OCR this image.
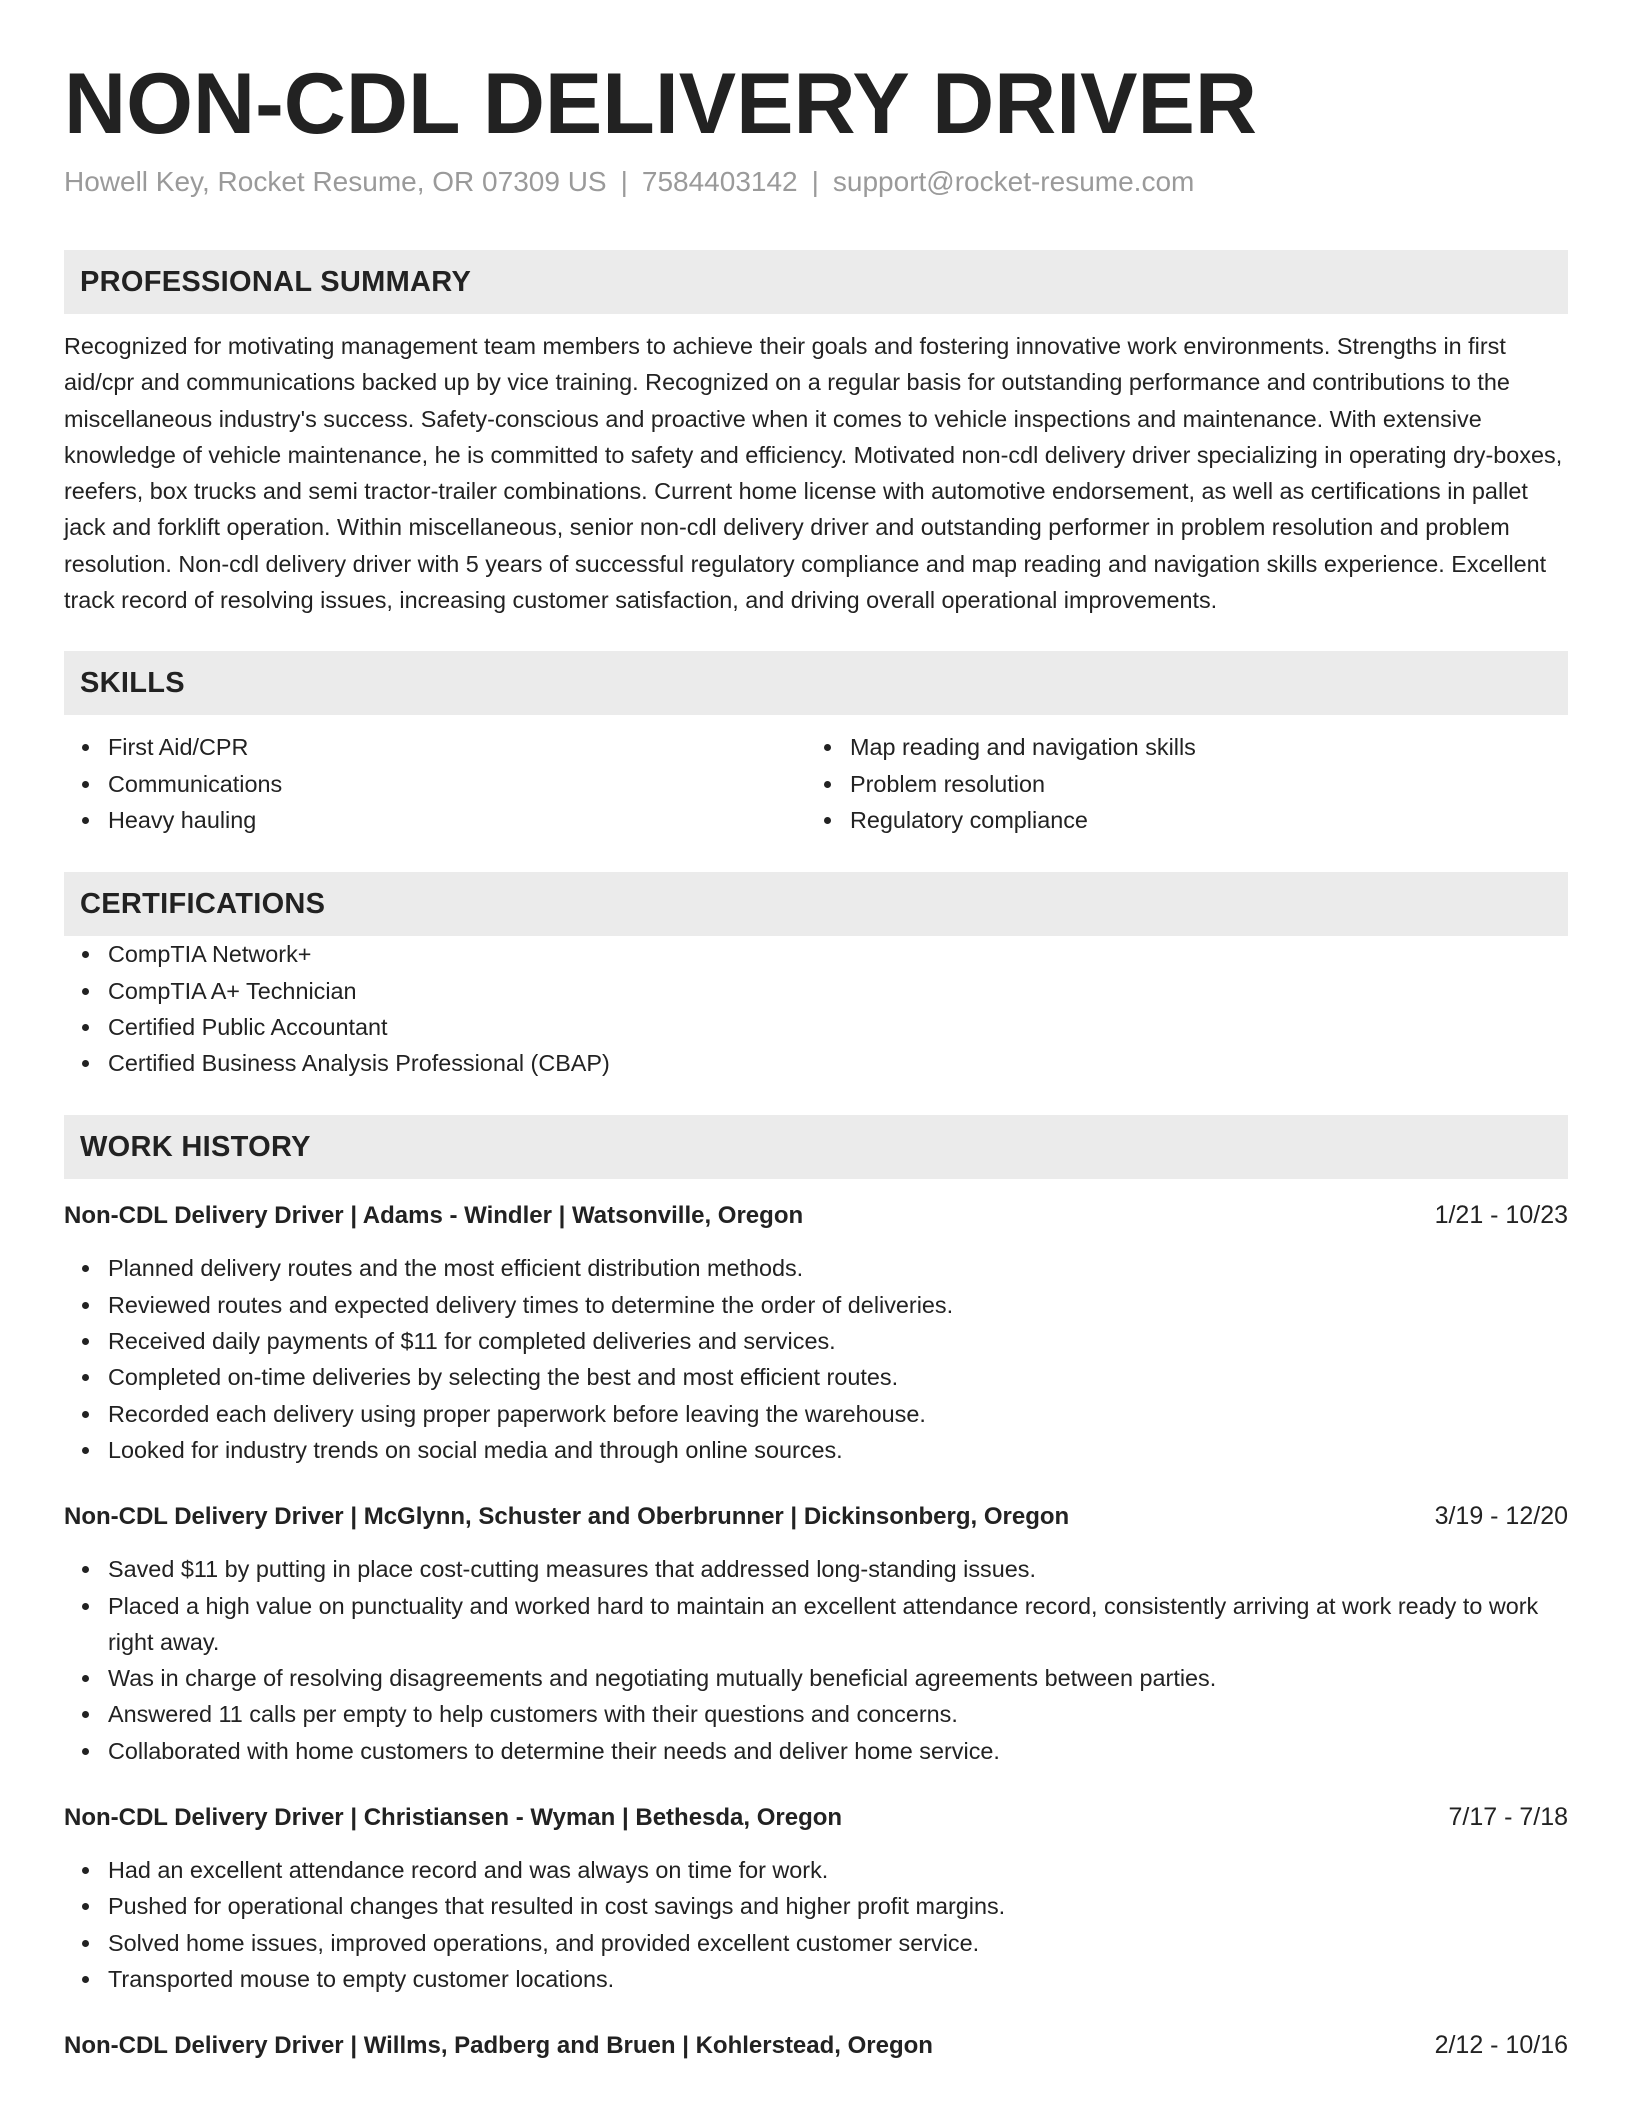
NON-CDL DELIVERY DRIVER
Howell Key, Rocket Resume, OR 07309 US | 7584403142 | support@rocket-resume.com
PROFESSIONAL SUMMARY

Recognized for motivating management team members to achieve their goals and fostering innovative work environments. Strengths in first aid/cpr and communications backed up by vice training. Recognized on a regular basis for outstanding performance and contributions to the miscellaneous industry's success. Safety-conscious and proactive when it comes to vehicle inspections and maintenance. With extensive knowledge of vehicle maintenance, he is committed to safety and efficiency. Motivated non-cdl delivery driver specializing in operating dry-boxes, reefers, box trucks and semi tractor-trailer combinations. Current home license with automotive endorsement, as well as certifications in pallet jack and forklift operation. Within miscellaneous, senior non-cdl delivery driver and outstanding performer in problem resolution and problem resolution. Non-cdl delivery driver with 5 years of successful regulatory compliance and map reading and navigation skills experience. Excellent track record of resolving issues, increasing customer satisfaction, and driving overall operational improvements.

SKILLS
First Aid/CPR
Communications
Heavy hauling
Map reading and navigation skills
Problem resolution
Regulatory compliance
CERTIFICATIONS
CompTIA Network+
CompTIA A+ Technician
Certified Public Accountant
Certified Business Analysis Professional (CBAP)
WORK HISTORY
Non-CDL Delivery Driver | Adams - Windler | Watsonville, Oregon	1/21 - 10/23
Planned delivery routes and the most efficient distribution methods.
Reviewed routes and expected delivery times to determine the order of deliveries.
Received daily payments of $11 for completed deliveries and services.
Completed on-time deliveries by selecting the best and most efficient routes.
Recorded each delivery using proper paperwork before leaving the warehouse.
Looked for industry trends on social media and through online sources.
Non-CDL Delivery Driver | McGlynn, Schuster and Oberbrunner | Dickinsonberg, Oregon	3/19 - 12/20
Saved $11 by putting in place cost-cutting measures that addressed long-standing issues.
Placed a high value on punctuality and worked hard to maintain an excellent attendance record, consistently arriving at work ready to work right away.
Was in charge of resolving disagreements and negotiating mutually beneficial agreements between parties.
Answered 11 calls per empty to help customers with their questions and concerns.
Collaborated with home customers to determine their needs and deliver home service.
Non-CDL Delivery Driver | Christiansen - Wyman | Bethesda, Oregon	7/17 - 7/18
Had an excellent attendance record and was always on time for work.
Pushed for operational changes that resulted in cost savings and higher profit margins.
Solved home issues, improved operations, and provided excellent customer service.
Transported mouse to empty customer locations.
Non-CDL Delivery Driver | Willms, Padberg and Bruen | Kohlerstead, Oregon	2/12 - 10/16
